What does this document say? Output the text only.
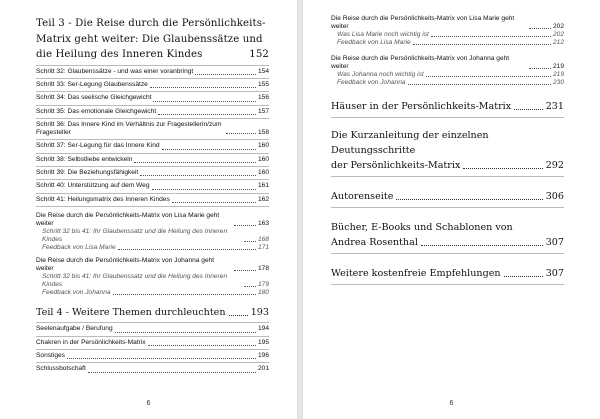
Teil 3 - Die Reise durch die Persönlichkeits-Matrix geht weiter: Die Glaubenssätze und die Heilung des Inneren Kindes	152
Schritt 32: Glaubenssätze - und was einer voranbringt	154
Schritt 33: Ser-Legung Glaubenssätze	155
Schritt 34: Das seelische Gleichgewicht	156
Schritt 35: Das emotionale Gleichgewicht	157
Schritt 36: Das Innere Kind im Verhältnis zur Fragestellerin/zum Fragesteller	158
Schritt 37: Ser-Legung für das Innere Kind	160
Schritt 38: Selbstliebe entwickeln	160
Schritt 39: Die Beziehungsfähigkeit	160
Schritt 40: Unterstützung auf dem Weg	161
Schritt 41: Heilungsmatrix des Inneren Kindes	162
Die Reise durch die Persönlichkeits-Matrix von Lisa Marie geht weiter	163
Schritt 32 bis 41: Ihr Glaubenssatz und die Heilung des Inneren Kindes	168
Feedback von Lisa Marie	171
Die Reise durch die Persönlichkeits-Matrix von Johanna geht weiter	178
Schritt 32 bis 41: Ihr Glaubenssatz und die Heilung des Inneren Kindes	179
Feedback von Johanna	180
Teil 4 - Weitere Themen durchleuchten	193
Seelenaufgabe / Berufung	194
Chakren in der Persönlichkeits-Matrix	195
Sonstiges	196
Schlussbotschaft	201
6
Die Reise durch die Persönlichkeits-Matrix von Lisa Marie geht weiter	202
Was Lisa Marie noch wichtig ist	202
Feedback von Lisa Marie	212
Die Reise durch die Persönlichkeits-Matrix von Johanna geht weiter	219
Was Johanna noch wichtig ist	219
Feedback von Johanna	230
Häuser in der Persönlichkeits-Matrix	231
Die Kurzanleitung der einzelnen Deutungsschritte
der Persönlichkeits-Matrix	292
Autorenseite	306
Bücher, E-Books und Schablonen von
Andrea Rosenthal	307
Weitere kostenfreie Empfehlungen	307
6
